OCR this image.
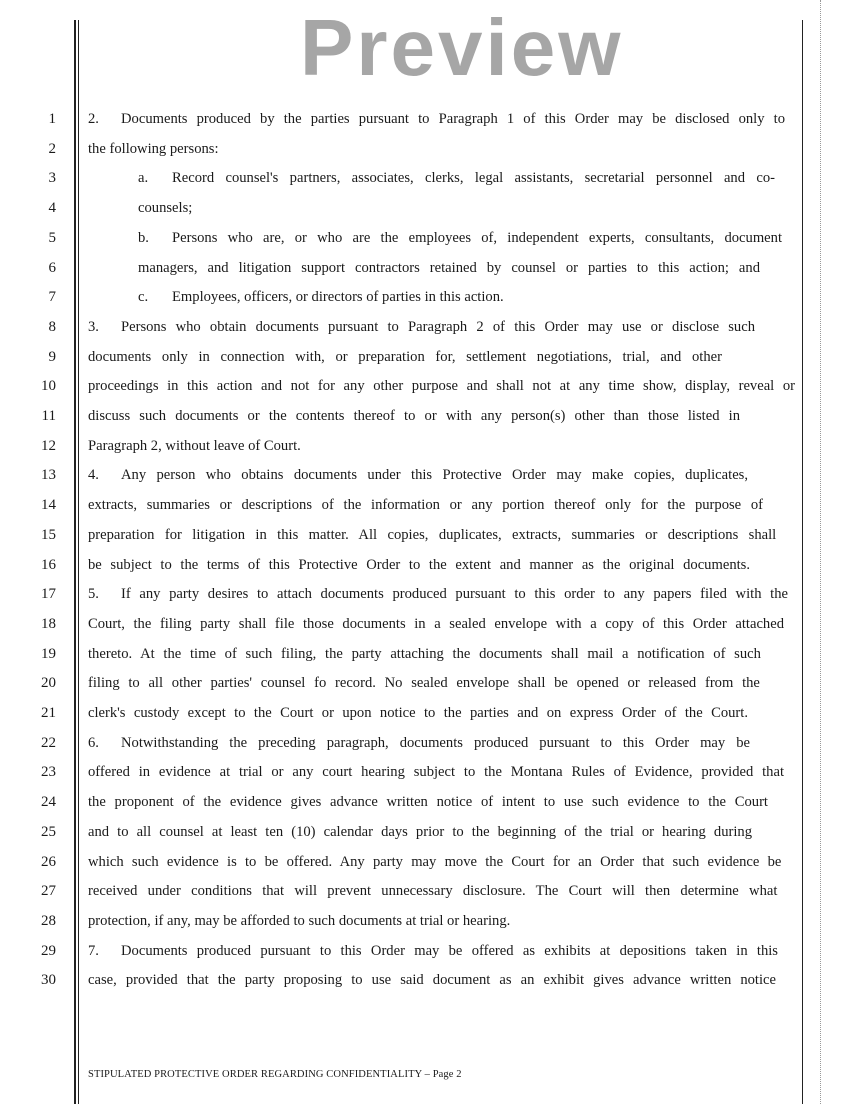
1
2
3
4
5
6
7
8
9
10
11
12
13
14
15
16
17
18
19
20
21
22
23
24
25
26
27
28
29
30
2. Documents produced by the parties pursuant to Paragraph 1 of this Order may be disclosed only to
the following persons:
a. Record counsel's partners, associates, clerks, legal assistants, secretarial personnel and co-
counsels;
b. Persons who are, or who are the employees of, independent experts, consultants, document
managers, and litigation support contractors retained by counsel or parties to this action; and
c. Employees, officers, or directors of parties in this action.
3. Persons who obtain documents pursuant to Paragraph 2 of this Order may use or disclose such
documents only in connection with, or preparation for, settlement negotiations, trial, and other
proceedings in this action and not for any other purpose and shall not at any time show, display, reveal or
discuss such documents or the contents thereof to or with any person(s) other than those listed in
Paragraph 2, without leave of Court.
4. Any person who obtains documents under this Protective Order may make copies, duplicates,
extracts, summaries or descriptions of the information or any portion thereof only for the purpose of
preparation for litigation in this matter. All copies, duplicates, extracts, summaries or descriptions shall
be subject to the terms of this Protective Order to the extent and manner as the original documents.
5. If any party desires to attach documents produced pursuant to this order to any papers filed with the
Court, the filing party shall file those documents in a sealed envelope with a copy of this Order attached
thereto. At the time of such filing, the party attaching the documents shall mail a notification of such
filing to all other parties' counsel fo record. No sealed envelope shall be opened or released from the
clerk's custody except to the Court or upon notice to the parties and on express Order of the Court.
6. Notwithstanding the preceding paragraph, documents produced pursuant to this Order may be
offered in evidence at trial or any court hearing subject to the Montana Rules of Evidence, provided that
the proponent of the evidence gives advance written notice of intent to use such evidence to the Court
and to all counsel at least ten (10) calendar days prior to the beginning of the trial or hearing during
which such evidence is to be offered. Any party may move the Court for an Order that such evidence be
received under conditions that will prevent unnecessary disclosure. The Court will then determine what
protection, if any, may be afforded to such documents at trial or hearing.
7. Documents produced pursuant to this Order may be offered as exhibits at depositions taken in this
case, provided that the party proposing to use said document as an exhibit gives advance written notice
STIPULATED PROTECTIVE ORDER REGARDING CONFIDENTIALITY – Page 2
Preview
